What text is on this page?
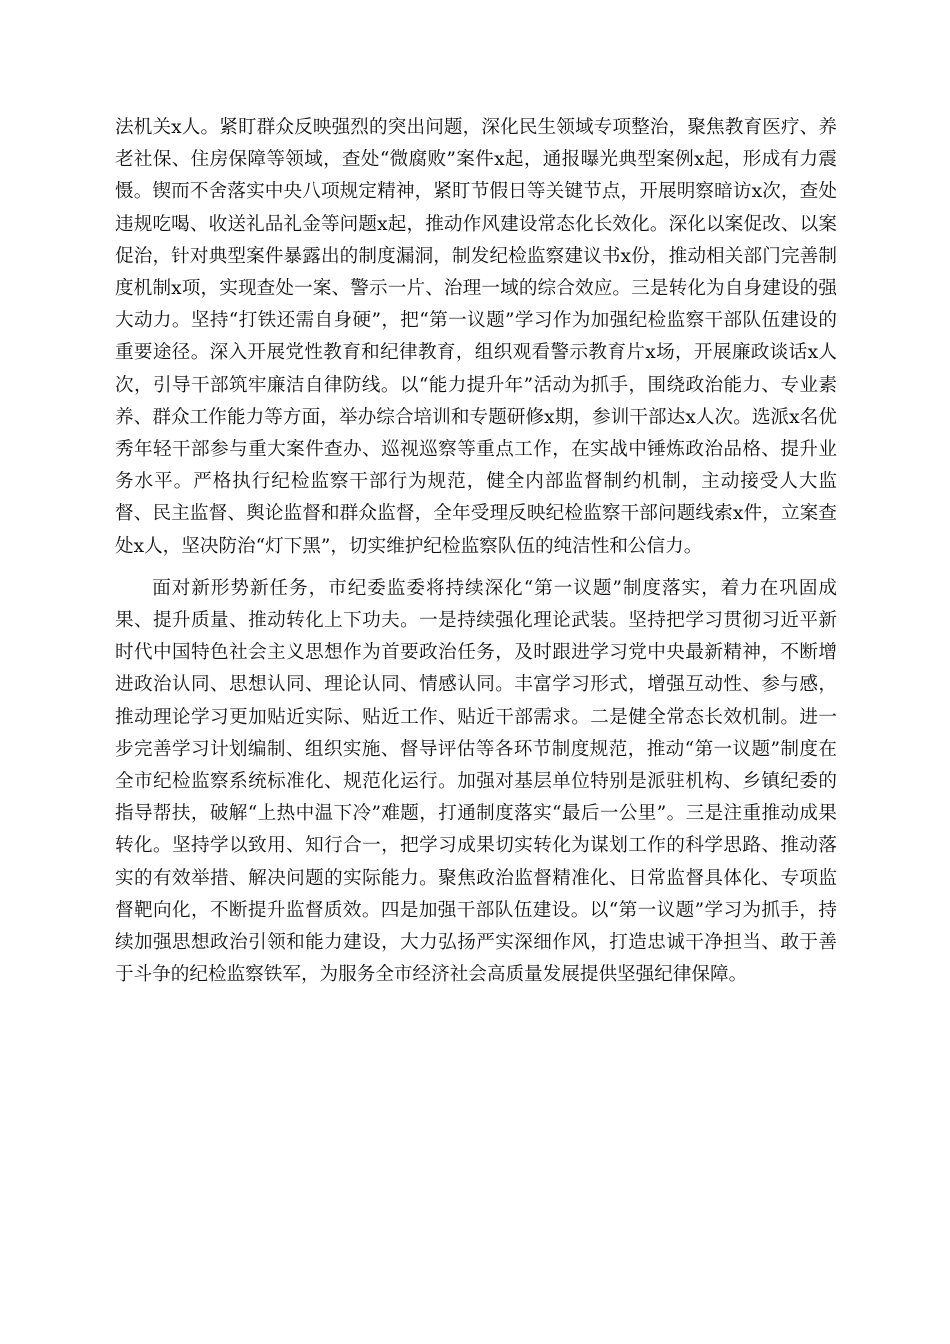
法机关x人。紧盯群众反映强烈的突出问题，深化民生领域专项整治，聚焦教育医疗、养老社保、住房保障等领域，查处“微腐败”案件x起，通报曝光典型案例x起，形成有力震慑。锲而不舍落实中央八项规定精神，紧盯节假日等关键节点，开展明察暗访x次，查处违规吃喝、收送礼品礼金等问题x起，推动作风建设常态化长效化。深化以案促改、以案促治，针对典型案件暴露出的制度漏洞，制发纪检监察建议书x份，推动相关部门完善制度机制x项，实现查处一案、警示一片、治理一域的综合效应。三是转化为自身建设的强大动力。坚持“打铁还需自身硬”，把“第一议题”学习作为加强纪检监察干部队伍建设的重要途径。深入开展党性教育和纪律教育，组织观看警示教育片x场，开展廉政谈话x人次，引导干部筑牢廉洁自律防线。以“能力提升年”活动为抓手，围绕政治能力、专业素养、群众工作能力等方面，举办综合培训和专题研修x期，参训干部达x人次。选派x名优秀年轻干部参与重大案件查办、巡视巡察等重点工作，在实战中锤炼政治品格、提升业务水平。严格执行纪检监察干部行为规范，健全内部监督制约机制，主动接受人大监督、民主监督、舆论监督和群众监督，全年受理反映纪检监察干部问题线索x件，立案查处x人，坚决防治“灯下黑”，切实维护纪检监察队伍的纯洁性和公信力。

面对新形势新任务，市纪委监委将持续深化“第一议题”制度落实，着力在巩固成果、提升质量、推动转化上下功夫。一是持续强化理论武装。坚持把学习贯彻习近平新时代中国特色社会主义思想作为首要政治任务，及时跟进学习党中央最新精神，不断增进政治认同、思想认同、理论认同、情感认同。丰富学习形式，增强互动性、参与感，推动理论学习更加贴近实际、贴近工作、贴近干部需求。二是健全常态长效机制。进一步完善学习计划编制、组织实施、督导评估等各环节制度规范，推动“第一议题”制度在全市纪检监察系统标准化、规范化运行。加强对基层单位特别是派驻机构、乡镇纪委的指导帮扶，破解“上热中温下冷”难题，打通制度落实“最后一公里”。三是注重推动成果转化。坚持学以致用、知行合一，把学习成果切实转化为谋划工作的科学思路、推动落实的有效举措、解决问题的实际能力。聚焦政治监督精准化、日常监督具体化、专项监督靶向化，不断提升监督质效。四是加强干部队伍建设。以“第一议题”学习为抓手，持续加强思想政治引领和能力建设，大力弘扬严实深细作风，打造忠诚干净担当、敢于善于斗争的纪检监察铁军，为服务全市经济社会高质量发展提供坚强纪律保障。
